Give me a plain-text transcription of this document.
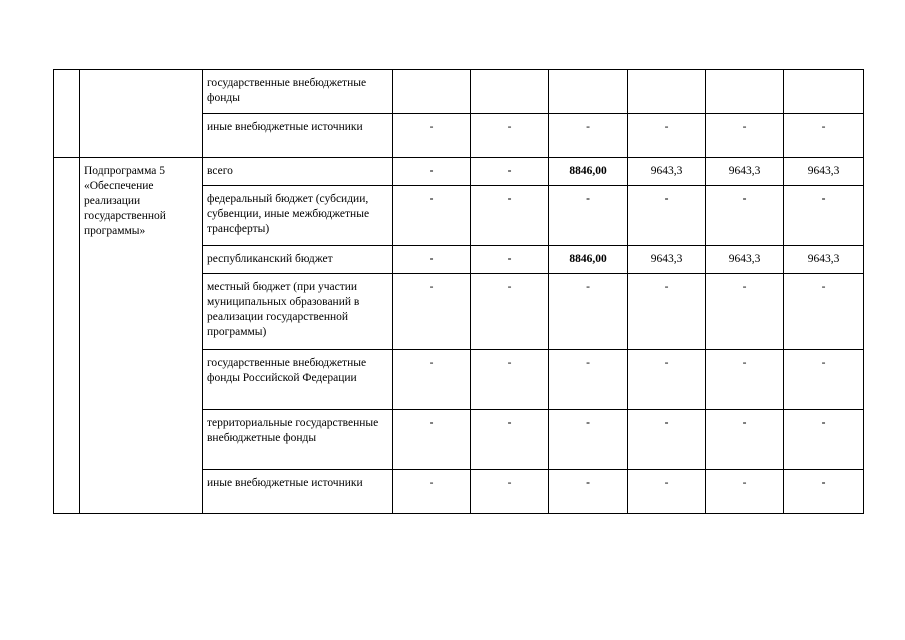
		государственные внебюджетные фонды						
		иные внебюджетные источники	-	-	-	-	-	-
	Подпрограмма 5 «Обеспечение реализации государственной программы»	всего	-	-	8846,00	9643,3	9643,3	9643,3
		федеральный бюджет (субсидии, субвенции, иные межбюджетные трансферты)	-	-	-	-	-	-
		республиканский бюджет	-	-	8846,00	9643,3	9643,3	9643,3
		местный бюджет (при участии муниципальных образований в реализации государственной программы)	-	-	-	-	-	-
		государственные внебюджетные фонды Российской Федерации	-	-	-	-	-	-
		территориальные государственные внебюджетные фонды	-	-	-	-	-	-
		иные внебюджетные источники	-	-	-	-	-	-
